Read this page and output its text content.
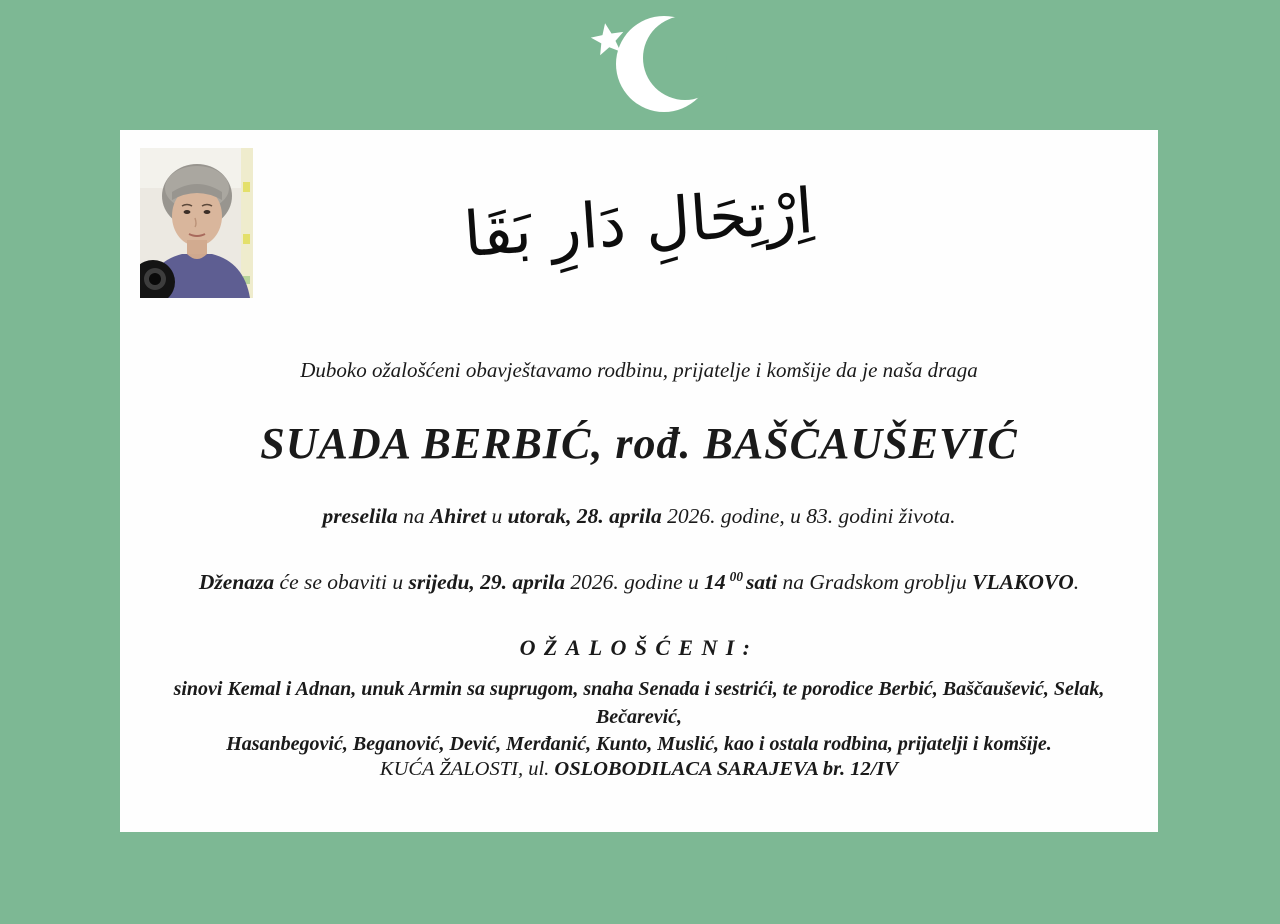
اِرْتِحَالِ دَارِ بَقَا
Duboko ožalošćeni obavještavamo rodbinu, prijatelje i komšije da je naša draga
SUADA BERBIĆ, rođ. BAŠČAUŠEVIĆ
preselila na Ahiret u utorak, 28. aprila 2026. godine, u 83. godini života.
Dženaza će se obaviti u srijedu, 29. aprila 2026. godine u 14 $^{00}$ sati na Gradskom groblju VLAKOVO.
OŽALOŠĆENI:
sinovi Kemal i Adnan, unuk Armin sa suprugom, snaha Senada i sestrići, te porodice Berbić, Baščaušević, Selak, Bečarević,
Hasanbegović, Beganović, Dević, Merđanić, Kunto, Muslić, kao i ostala rodbina, prijatelji i komšije.
KUĆA ŽALOSTI, ul. OSLOBODILACA SARAJEVA br. 12/IV
